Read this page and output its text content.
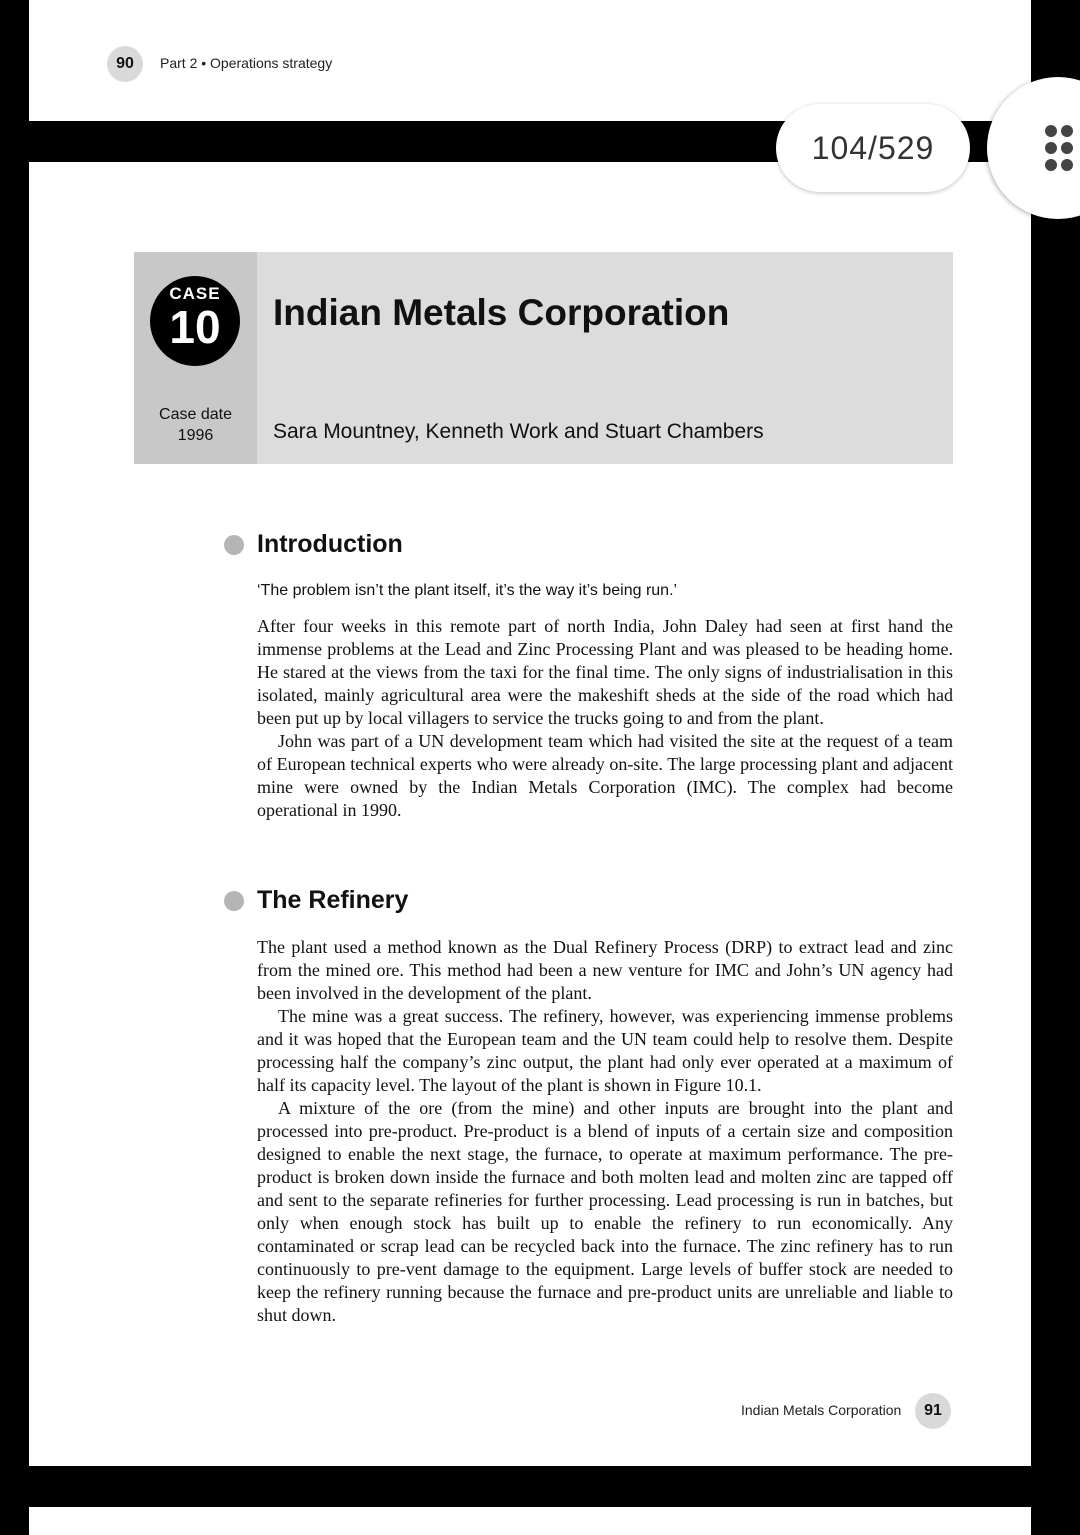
90	Part 2 • Operations strategy
104/529
CASE
10
Case date
1996
Indian Metals Corporation
Sara Mountney, Kenneth Work and Stuart Chambers
Introduction
‘The problem isn’t the plant itself, it’s the way it’s being run.’

After four weeks in this remote part of north India, John Daley had seen at first hand the immense problems at the Lead and Zinc Processing Plant and was pleased to be heading home. He stared at the views from the taxi for the final time. The only signs of industrialisation in this isolated, mainly agricultural area were the makeshift sheds at the side of the road which had been put up by local villagers to service the trucks going to and from the plant.

John was part of a UN development team which had visited the site at the request of a team of European technical experts who were already on-site. The large processing plant and adjacent mine were owned by the Indian Metals Corporation (IMC). The complex had become operational in 1990.

The Refinery

The plant used a method known as the Dual Refinery Process (DRP) to extract lead and zinc from the mined ore. This method had been a new venture for IMC and John’s UN agency had been involved in the development of the plant.

The mine was a great success. The refinery, however, was experiencing immense problems and it was hoped that the European team and the UN team could help to resolve them. Despite processing half the company’s zinc output, the plant had only ever operated at a maximum of half its capacity level. The layout of the plant is shown in Figure 10.1.

A mixture of the ore (from the mine) and other inputs are brought into the plant and processed into pre-product. Pre-product is a blend of inputs of a certain size and composition designed to enable the next stage, the furnace, to operate at maximum performance. The pre-product is broken down inside the furnace and both molten lead and molten zinc are tapped off and sent to the separate refineries for further processing. Lead processing is run in batches, but only when enough stock has built up to enable the refinery to run economically. Any contaminated or scrap lead can be recycled back into the furnace. The zinc refinery has to run continuously to pre-vent damage to the equipment. Large levels of buffer stock are needed to keep the refinery running because the furnace and pre-product units are unreliable and liable to shut down.

Indian Metals Corporation	91
